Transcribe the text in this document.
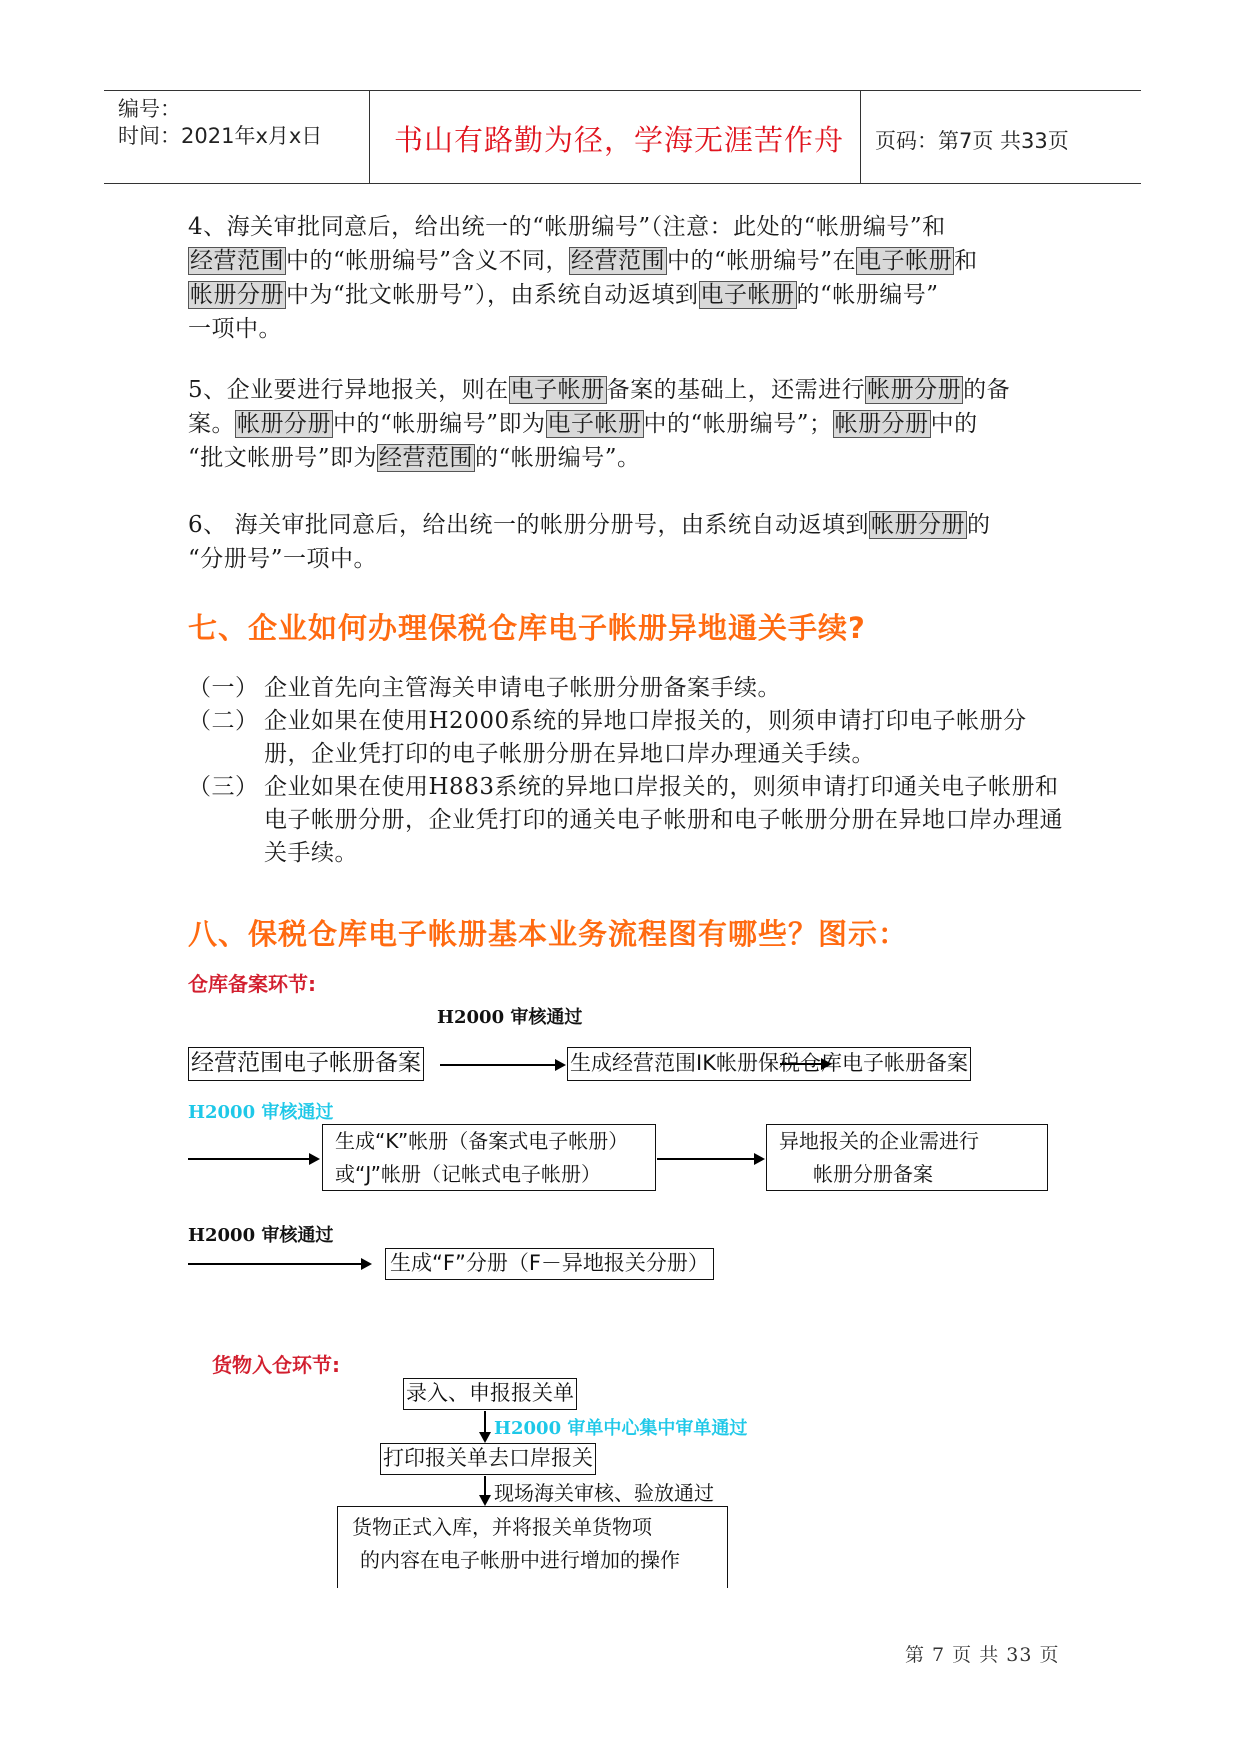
编号：
时间：2021年x月x日 书山有路勤为径，学海无涯苦作舟 页码：第7页 共33页

4、海关审批同意后，给出统一的“帐册编号”（注意：此处的“帐册编号”和

经营范围中的“帐册编号”含义不同，经营范围中的“帐册编号”在电子帐册和

帐册分册中为“批文帐册号”），由系统自动返填到电子帐册的“帐册编号”

一项中。

5、企业要进行异地报关，则在电子帐册备案的基础上，还需进行帐册分册的备

案。帐册分册中的“帐册编号”即为电子帐册中的“帐册编号”；帐册分册中的

“批文帐册号”即为经营范围的“帐册编号”。

6、 海关审批同意后，给出统一的帐册分册号，由系统自动返填到帐册分册的

“分册号”一项中。

七、企业如何办理保税仓库电子帐册异地通关手续?
（一） 企业首先向主管海关申请电子帐册分册备案手续。
（二） 企业如果在使用H2000系统的异地口岸报关的，则须申请打印电子帐册分册，企业凭打印的电子帐册分册在异地口岸办理通关手续。
（三） 企业如果在使用H883系统的异地口岸报关的，则须申请打印通关电子帐册和电子帐册分册，企业凭打印的通关电子帐册和电子帐册分册在异地口岸办理通关手续。
八、保税仓库电子帐册基本业务流程图有哪些？图示：
仓库备案环节:
H2000 审核通过
经营范围电子帐册备案	生成经营范围IK帐册保税仓库电子帐册备案
H2000 审核通过
生成“K”帐册（备案式电子帐册）
或“J”帐册（记帐式电子帐册）
异地报关的企业需进行
帐册分册备案
H2000 审核通过
生成“F”分册（F－异地报关分册）
货物入仓环节:
录入、申报报关单
H2000 审单中心集中审单通过
打印报关单去口岸报关
现场海关审核、验放通过
货物正式入库，并将报关单货物项
的内容在电子帐册中进行增加的操作
第 7 页 共 33 页
